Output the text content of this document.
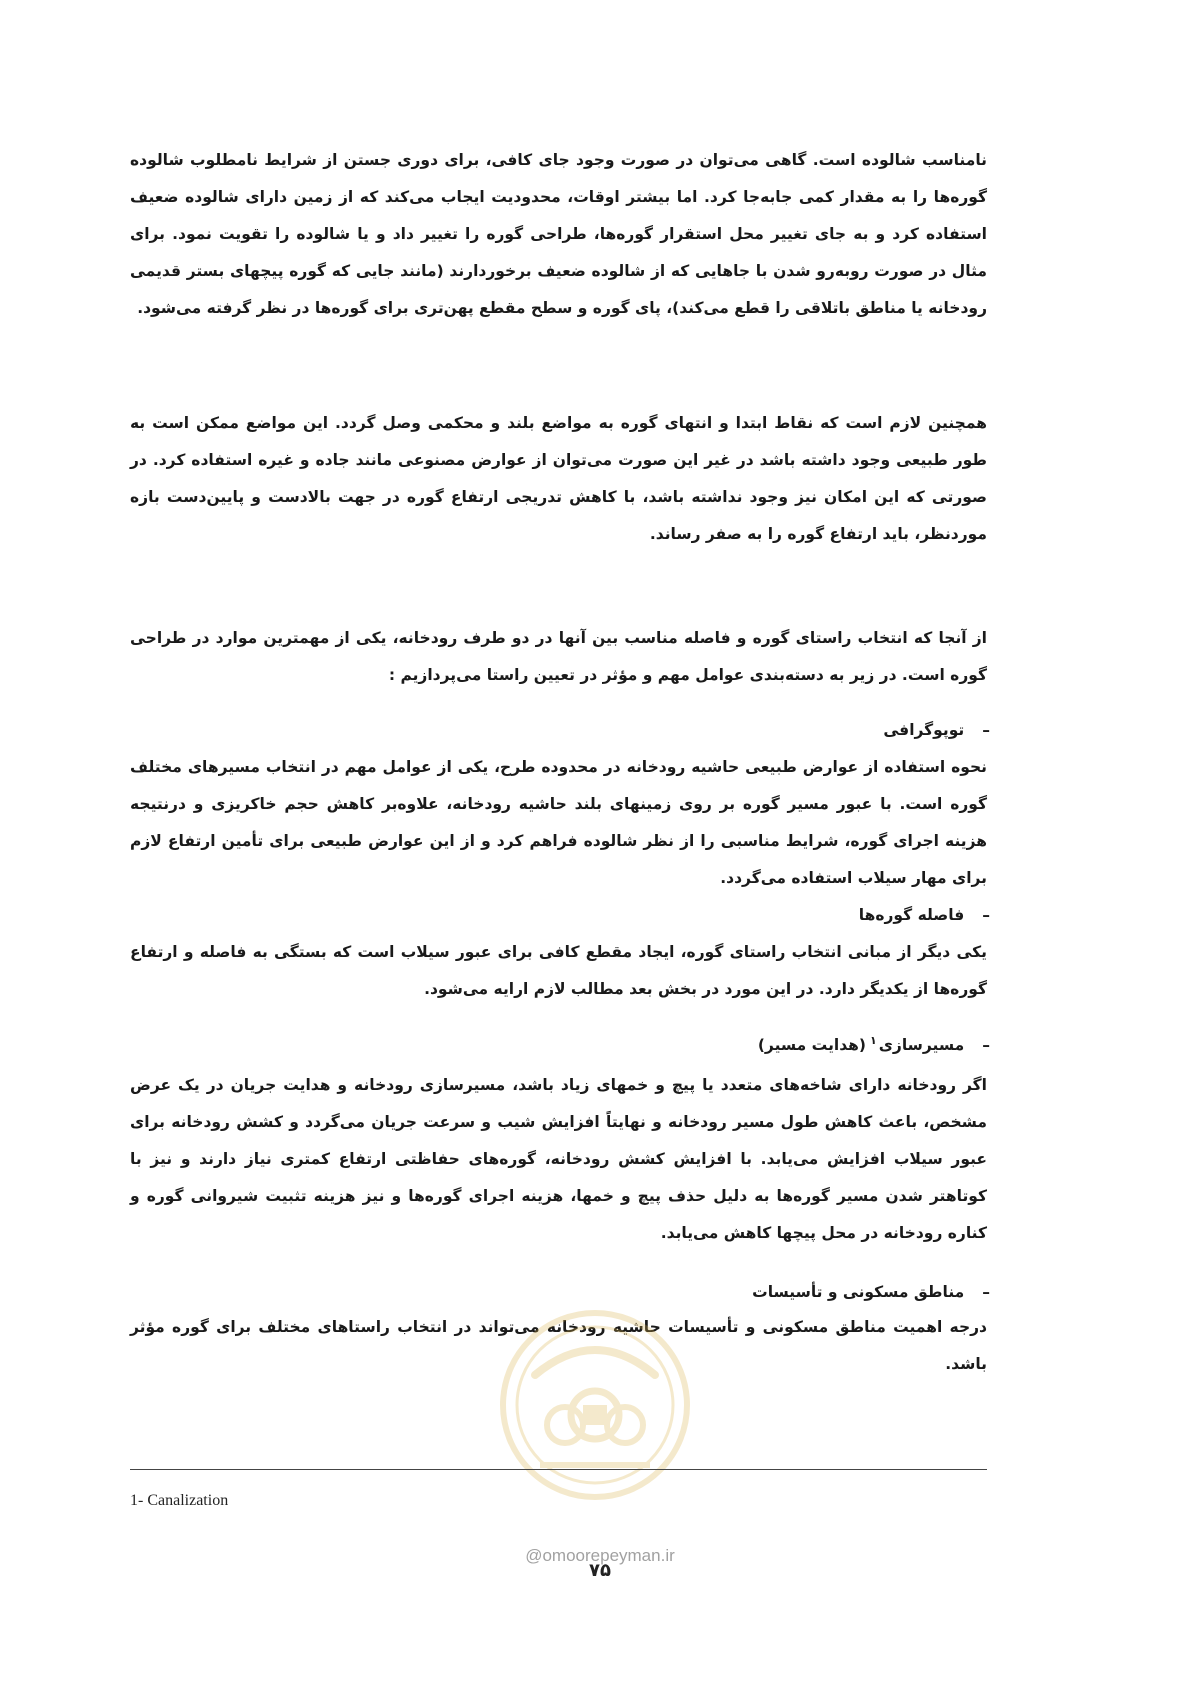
نامناسب شالوده است. گاهی می‌توان در صورت وجود جای کافی، برای دوری جستن از شرایط نامطلوب شالوده گوره‌ها را به مقدار کمی جابه‌جا کرد. اما بیشتر اوقات، محدودیت ایجاب می‌کند که از زمین دارای شالوده ضعیف استفاده کرد و به جای تغییر محل استقرار گوره‌ها، طراحی گوره را تغییر داد و یا شالوده را تقویت نمود. برای مثال در صورت روبه‌رو شدن با جاهایی که از شالوده ضعیف برخوردارند (مانند جایی که گوره پیچهای بستر قدیمی رودخانه یا مناطق باتلاقی را قطع می‌کند)، پای گوره و سطح مقطع پهن‌تری برای گوره‌ها در نظر گرفته می‌شود.

همچنین لازم است که نقاط ابتدا و انتهای گوره به مواضع بلند و محکمی وصل گردد. این مواضع ممکن است به طور طبیعی وجود داشته باشد در غیر این صورت می‌توان از عوارض مصنوعی مانند جاده و غیره استفاده کرد. در صورتی که این امکان نیز وجود نداشته باشد، با کاهش تدریجی ارتفاع گوره در جهت بالادست و پایین‌دست بازه موردنظر، باید ارتفاع گوره را به صفر رساند.

از آنجا که انتخاب راستای گوره و فاصله مناسب بین آنها در دو طرف رودخانه، یکی از مهمترین موارد در طراحی گوره است. در زیر به دسته‌بندی عوامل مهم و مؤثر در تعیین راستا می‌پردازیم :

–توپوگرافی

نحوه استفاده از عوارض طبیعی حاشیه رودخانه در محدوده طرح، یکی از عوامل مهم در انتخاب مسیرهای مختلف گوره است. با عبور مسیر گوره بر روی زمینهای بلند حاشیه رودخانه، علاوه‌بر کاهش حجم خاکریزی و درنتیجه هزینه اجرای گوره، شرایط مناسبی را از نظر شالوده فراهم کرد و از این عوارض طبیعی برای تأمین ارتفاع لازم برای مهار سیلاب استفاده می‌گردد.

–فاصله گوره‌ها

یکی دیگر از مبانی انتخاب راستای گوره، ایجاد مقطع کافی برای عبور سیلاب است که بستگی به فاصله و ارتفاع گوره‌ها از یکدیگر دارد. در این مورد در بخش بعد مطالب لازم ارایه می‌شود.

–مسیرسازی$^۱$(هدایت مسیر)

اگر رودخانه دارای شاخه‌های متعدد یا پیچ و خمهای زیاد باشد، مسیرسازی رودخانه و هدایت جریان در یک عرض مشخص، باعث کاهش طول مسیر رودخانه و نهایتاً افزایش شیب و سرعت جریان می‌گردد و کشش رودخانه برای عبور سیلاب افزایش می‌یابد. با افزایش کشش رودخانه، گوره‌های حفاظتی ارتفاع کمتری نیاز دارند و نیز با کوتاهتر شدن مسیر گوره‌ها به دلیل حذف پیچ و خمها، هزینه اجرای گوره‌ها و نیز هزینه تثبیت شیروانی گوره و کناره رودخانه در محل پیچها کاهش می‌یابد.

–مناطق مسکونی و تأسیسات

درجه اهمیت مناطق مسکونی و تأسیسات حاشیه رودخانه می‌تواند در انتخاب راستاهای مختلف برای گوره مؤثر باشد.

1- Canalization
@omoorepeyman.ir
۷۵
